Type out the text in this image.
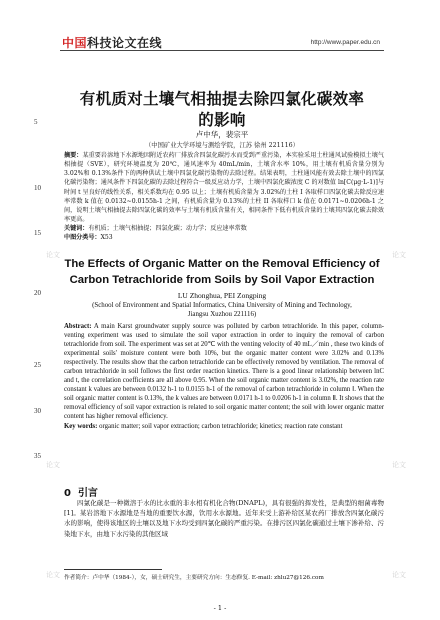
中国科技论文在线	http://www.paper.edu.cn
论文	论文
论文	论文
论文	论文
5
10
15
20
25
30
35
有机质对土壤气相抽提去除四氯化碳效率
的影响
卢中华，裴宗平
（中国矿业大学环境与测绘学院，江苏 徐州 221116）
摘要：某重要岩溶地下水源地因附近农药厂排放含四氯化碳污水而受到严重污染，本实验采用土柱通风试验模拟土壤气相抽提（SVE），研究环境温度为 20℃，通风速率为 40mL/min，土壤含水率 10%，用土壤有机质含量分别为 3.02%和 0.13%条件下的两种供试土壤中四氯化碳污染物的去除过程。结果表明，土柱通风能有效去除土壤中的四氯化碳污染物；通风条件下四氯化碳的去除过程符合一级反应动力学，土壤中四氯化碳浓度 C 的对数值 ln[C(μg·L-1)]与时间 t 呈良好的线性关系，相关系数均在 0.95 以上；土壤有机质含量为 3.02%的土柱 I 各取样口四氯化碳去除反应速率常数 k 值在 0.0132~0.0155h-1 之间，有机质含量为 0.13%的土柱 II 各取样口 k 值在 0.0171~0.0206h-1 之间，说明土壤气相抽提去除四氯化碳的效率与土壤有机质含量有关，相同条件下低有机质含量的土壤其四氯化碳去除效率更高。
关键词：有机质；土壤气相抽提；四氯化碳；动力学；反应速率常数
中图分类号：X53
The Effects of Organic Matter on the Removal Efficiency of
Carbon Tetrachloride from Soils by Soil Vapor Extraction
LU Zhonghua, PEI Zongping
(School of Environment and Spatial Informatics, China University of Mining and Technology,
Jiangsu Xuzhou 221116)
Abstract: A main Karst groundwater supply source was polluted by carbon tetrachloride. In this paper, column-venting experiment was used to simulate the soil vapor extraction in order to inquiry the removal of carbon tetrachloride from soil. The experiment was set at 20℃ with the venting velocity of 40 mL／min , these two kinds of experimental soils' moisture content were both 10%, but the organic matter content were 3.02% and 0.13% respectively. The results show that the carbon tetrachloride can be effectively removed by ventilation. The removal of carbon tetrachloride in soil follows the first order reaction kinetics. There is a good linear relationship between lnC and t, the correlation coefficients are all above 0.95. When the soil organic matter content is 3.02%, the reaction rate constant k values are between 0.0132 h-1 to 0.0155 h-1 of the removal of carbon tetrachloride in column Ⅰ. When the soil organic matter content is 0.13%, the k values are between 0.0171 h-1 to 0.0206 h-1 in column Ⅱ. It shows that the removal efficiency of soil vapor extraction is related to soil organic matter content; the soil with lower organic matter content has higher removal efficiency.
Key words: organic matter; soil vapor extraction; carbon tetrachloride; kinetics; reaction rate constant
0 引言
四氯化碳是一种微溶于水的比水重的非水相有机化合物(DNAPL)，具有很强的挥发性，是典型的细菌毒物[1]。某岩溶地下水源地是当地的重要饮水源，饮用水水源地。近年来受上游补给区某农药厂排放含四氯化碳污水的影响，使得该地区的土壤以及地下水均受到四氯化碳的严重污染。在排污区四氯化碳通过土壤下渗补给、污染地下水，由地下水污染的其他区域
作者简介：卢中华（1984-），女，硕士研究生，主要研究方向：生态修复. E-mail: zhlu27@126.com
- 1 -
